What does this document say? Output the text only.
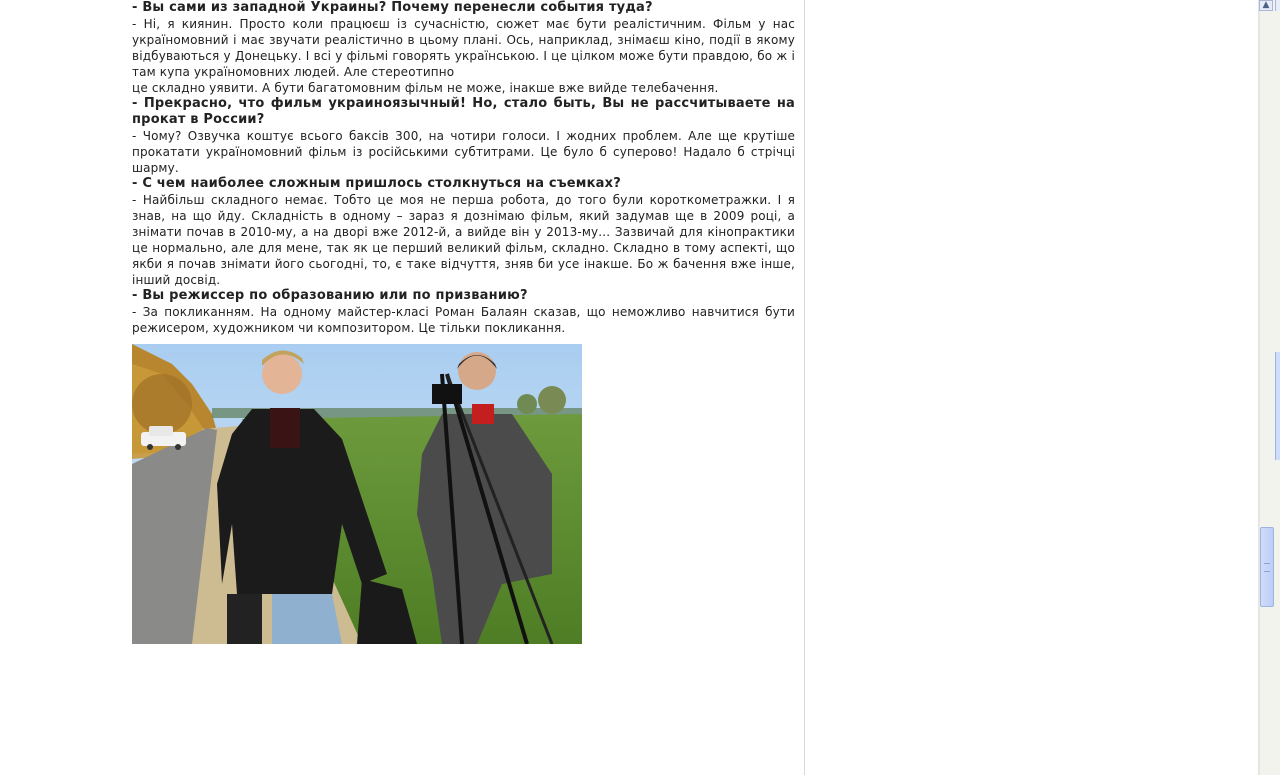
- Вы сами из западной Украины? Почему перенесли события туда?

- Ні, я киянин. Просто коли працюєш із сучасністю, сюжет має бути реалістичним. Фільм у нас україномовний і має звучати реалістично в цьому плані. Ось, наприклад, знімаєш кіно, події в якому відбуваються у Донецьку. І всі у фільмі говорять українською. І це цілком може бути правдою, бо ж і там купа україномовних людей. Але стереотипно
це складно уявити. А бути багатомовним фільм не може, інакше вже вийде телебачення.

- Прекрасно, что фильм украиноязычный! Но, стало быть, Вы не рассчитываете на прокат в России?

- Чому? Озвучка коштує всього баксів 300, на чотири голоси. І жодних проблем. Але ще крутіше прокатати україномовний фільм із російськими субтитрами. Це було б суперово! Надало б стрічці шарму.

- С чем наиболее сложным пришлось столкнуться на съемках?

- Найбільш складного немає. Тобто це моя не перша робота, до того були короткометражки. І я знав, на що йду. Складність в одному – зараз я дознімаю фільм, який задумав ще в 2009 році, а знімати почав в 2010-му, а на дворі вже 2012-й, а вийде він у 2013-му... Зазвичай для кінопрактики це нормально, але для мене, так як це перший великий фільм, складно. Складно в тому аспекті, що якби я почав знімати його сьогодні, то, є таке відчуття, зняв би усе інакше. Бо ж бачення вже інше, інший досвід.

- Вы режиссер по образованию или по призванию?

- За покликанням. На одному майстер-класі Роман Балаян сказав, що неможливо навчитися бути режисером, художником чи композитором. Це тільки покликання.

▲
